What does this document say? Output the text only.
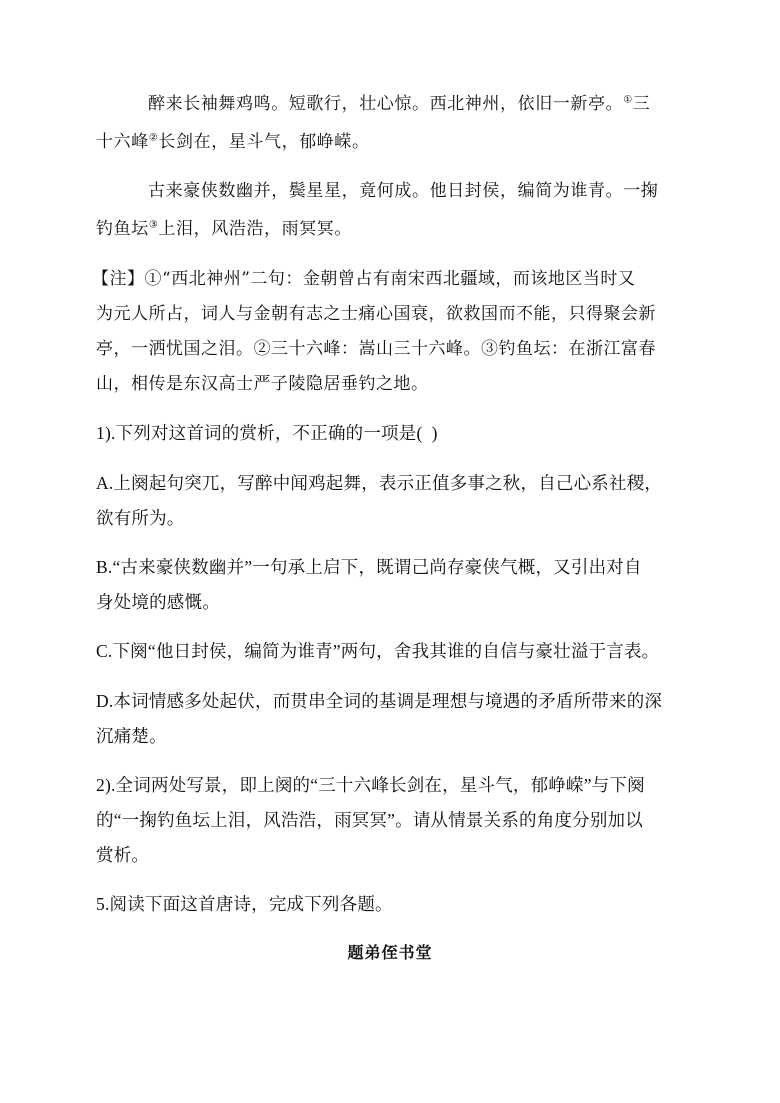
醉来长袖舞鸡鸣。短歌行，壮心惊。西北神州，依旧一新亭。①三
十六峰②长剑在，星斗气，郁峥嵘。
古来豪侠数幽并，鬓星星，竟何成。他日封侯，编简为谁青。一掬
钓鱼坛③上泪，风浩浩，雨冥冥。
【注】①“西北神州”二句：金朝曾占有南宋西北疆域，而该地区当时又
为元人所占，词人与金朝有志之士痛心国衰，欲救国而不能，只得聚会新
亭，一洒忧国之泪。②三十六峰：嵩山三十六峰。③钓鱼坛：在浙江富春
山，相传是东汉高士严子陵隐居垂钓之地。
1).下列对这首词的赏析，不正确的一项是(  )
A.上阕起句突兀，写醉中闻鸡起舞，表示正值多事之秋，自己心系社稷，
欲有所为。
B.“古来豪侠数幽并”一句承上启下，既谓己尚存豪侠气概，又引出对自
身处境的感慨。
C.下阕“他日封侯，编简为谁青”两句，舍我其谁的自信与豪壮溢于言表。
D.本词情感多处起伏，而贯串全词的基调是理想与境遇的矛盾所带来的深
沉痛楚。
2).全词两处写景，即上阕的“三十六峰长剑在，星斗气，郁峥嵘”与下阕
的“一掬钓鱼坛上泪，风浩浩，雨冥冥”。请从情景关系的角度分别加以
赏析。
5.阅读下面这首唐诗，完成下列各题。
题弟侄书堂
